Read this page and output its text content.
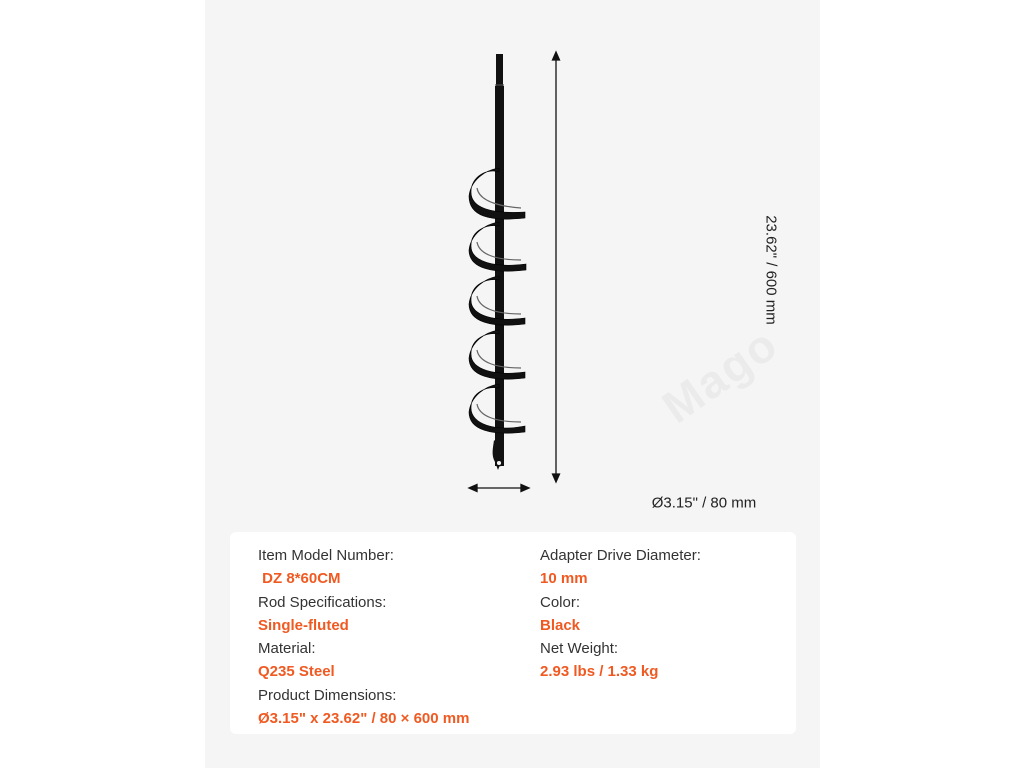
23.62" / 600 mm
Ø3.15" / 80 mm
Item Model Number:
DZ 8*60CM
Rod Specifications:
Single-fluted
Material:
Q235 Steel
Product Dimensions:
Ø3.15" x 23.62" / 80 × 600 mm
Adapter Drive Diameter:
10 mm
Color:
Black
Net Weight:
2.93 lbs / 1.33 kg
